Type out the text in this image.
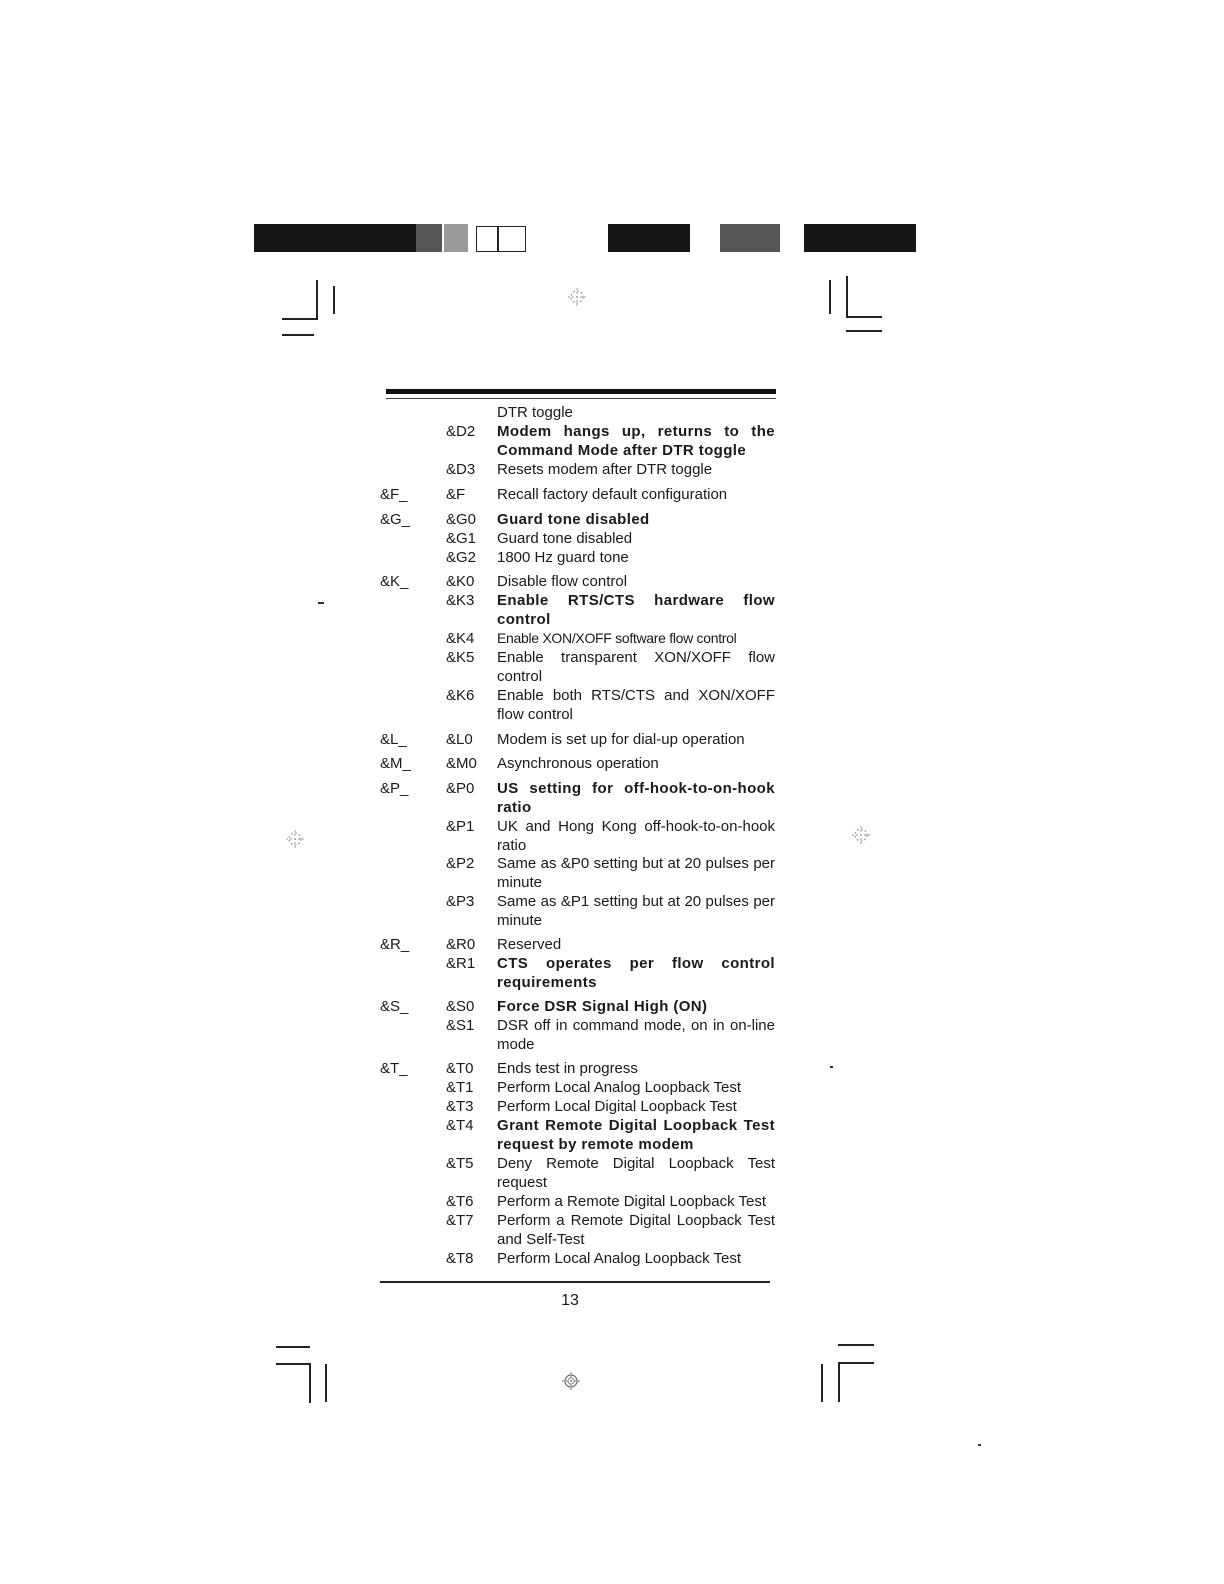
DTR toggle
&D2	Modem hangs up, returns to the Command Mode after DTR toggle
&D3	Resets modem after DTR toggle
&F_	&F	Recall factory default configuration
&G_	&G0	Guard tone disabled
&G1	Guard tone disabled
&G2	1800 Hz guard tone
&K_	&K0	Disable flow control
&K3	Enable RTS/CTS hardware flow control
&K4	Enable XON/XOFF software flow control
&K5	Enable transparent XON/XOFF flow control
&K6	Enable both RTS/CTS and XON/XOFF flow control
&L_	&L0	Modem is set up for dial-up operation
&M_	&M0	Asynchronous operation
&P_	&P0	US setting for off-hook-to-on-hook ratio
&P1	UK and Hong Kong off-hook-to-on-hook ratio
&P2	Same as &P0 setting but at 20 pulses per minute
&P3	Same as &P1 setting but at 20 pulses per minute
&R_	&R0	Reserved
&R1	CTS operates per flow control requirements
&S_	&S0	Force DSR Signal High (ON)
&S1	DSR off in command mode, on in on-line mode
&T_	&T0	Ends test in progress
&T1	Perform Local Analog Loopback Test
&T3	Perform Local Digital Loopback Test
&T4	Grant Remote Digital Loopback Test request by remote modem
&T5	Deny Remote Digital Loopback Test request
&T6	Perform a Remote Digital Loopback Test
&T7	Perform a Remote Digital Loopback Test and Self-Test
&T8	Perform Local Analog Loopback Test
13
